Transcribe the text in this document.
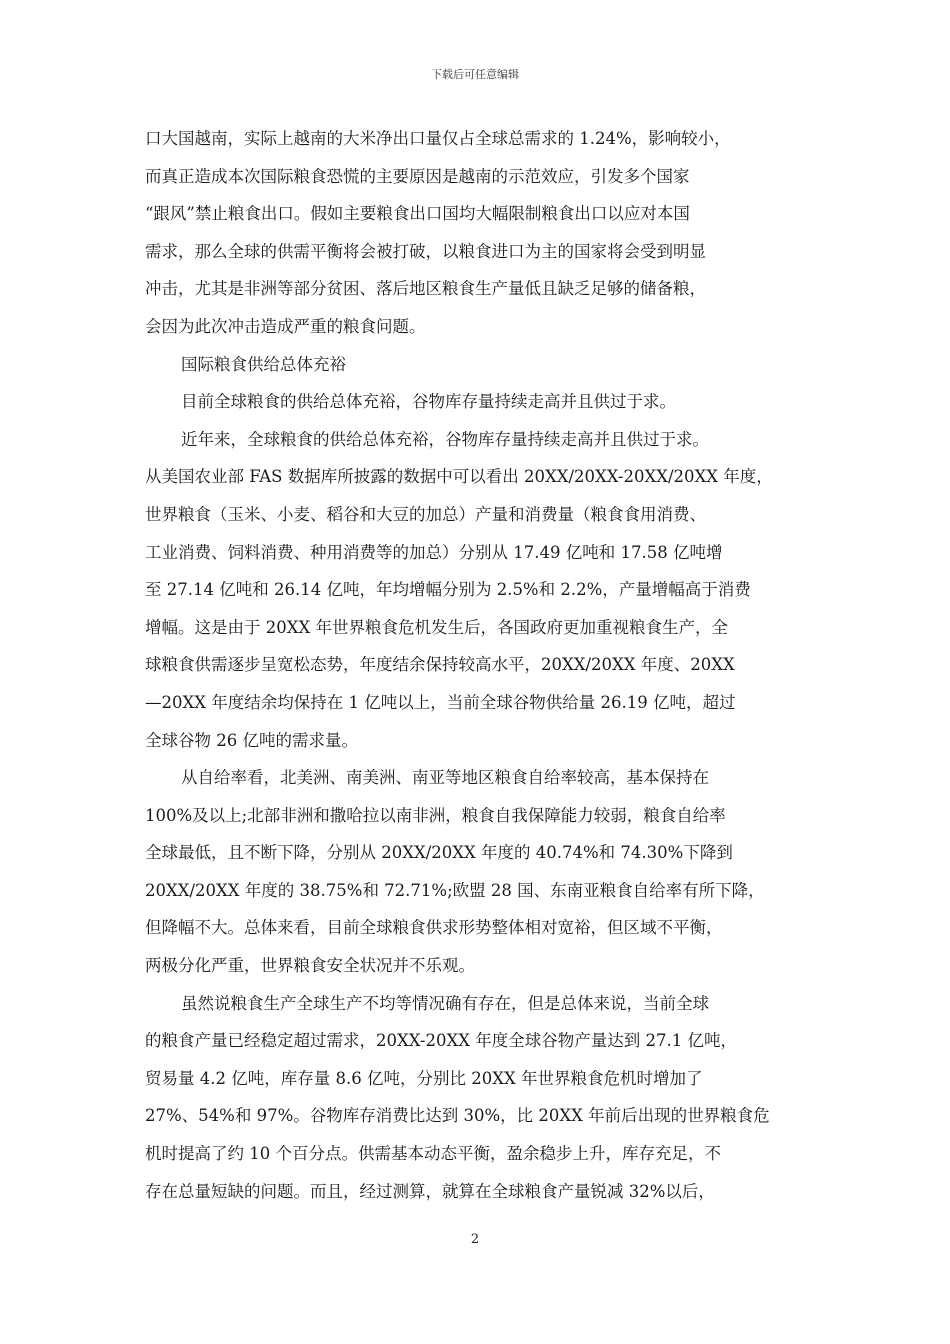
下载后可任意编辑

口大国越南，实际上越南的大米净出口量仅占全球总需求的 1.24%，影响较小，

而真正造成本次国际粮食恐慌的主要原因是越南的示范效应，引发多个国家

“跟风”禁止粮食出口。假如主要粮食出口国均大幅限制粮食出口以应对本国

需求，那么全球的供需平衡将会被打破，以粮食进口为主的国家将会受到明显

冲击，尤其是非洲等部分贫困、落后地区粮食生产量低且缺乏足够的储备粮，

会因为此次冲击造成严重的粮食问题。

国际粮食供给总体充裕

目前全球粮食的供给总体充裕，谷物库存量持续走高并且供过于求。

近年来，全球粮食的供给总体充裕，谷物库存量持续走高并且供过于求。

从美国农业部 FAS 数据库所披露的数据中可以看出 20XX/20XX-20XX/20XX 年度，

世界粮食（玉米、小麦、稻谷和大豆的加总）产量和消费量（粮食食用消费、

工业消费、饲料消费、种用消费等的加总）分别从 17.49 亿吨和 17.58 亿吨增

至 27.14 亿吨和 26.14 亿吨，年均增幅分别为 2.5%和 2.2%，产量增幅高于消费

增幅。这是由于 20XX 年世界粮食危机发生后，各国政府更加重视粮食生产，全

球粮食供需逐步呈宽松态势，年度结余保持较高水平，20XX/20XX 年度、20XX

—20XX 年度结余均保持在 1 亿吨以上，当前全球谷物供给量 26.19 亿吨，超过

全球谷物 26 亿吨的需求量。

从自给率看，北美洲、南美洲、南亚等地区粮食自给率较高，基本保持在

100%及以上;北部非洲和撒哈拉以南非洲，粮食自我保障能力较弱，粮食自给率

全球最低，且不断下降，分别从 20XX/20XX 年度的 40.74%和 74.30%下降到

20XX/20XX 年度的 38.75%和 72.71%;欧盟 28 国、东南亚粮食自给率有所下降，

但降幅不大。总体来看，目前全球粮食供求形势整体相对宽裕，但区域不平衡，

两极分化严重，世界粮食安全状况并不乐观。

虽然说粮食生产全球生产不均等情况确有存在，但是总体来说，当前全球

的粮食产量已经稳定超过需求，20XX-20XX 年度全球谷物产量达到 27.1 亿吨，

贸易量 4.2 亿吨，库存量 8.6 亿吨，分别比 20XX 年世界粮食危机时增加了

27%、54%和 97%。谷物库存消费比达到 30%，比 20XX 年前后出现的世界粮食危

机时提高了约 10 个百分点。供需基本动态平衡，盈余稳步上升，库存充足，不

存在总量短缺的问题。而且，经过测算，就算在全球粮食产量锐减 32%以后，

2
